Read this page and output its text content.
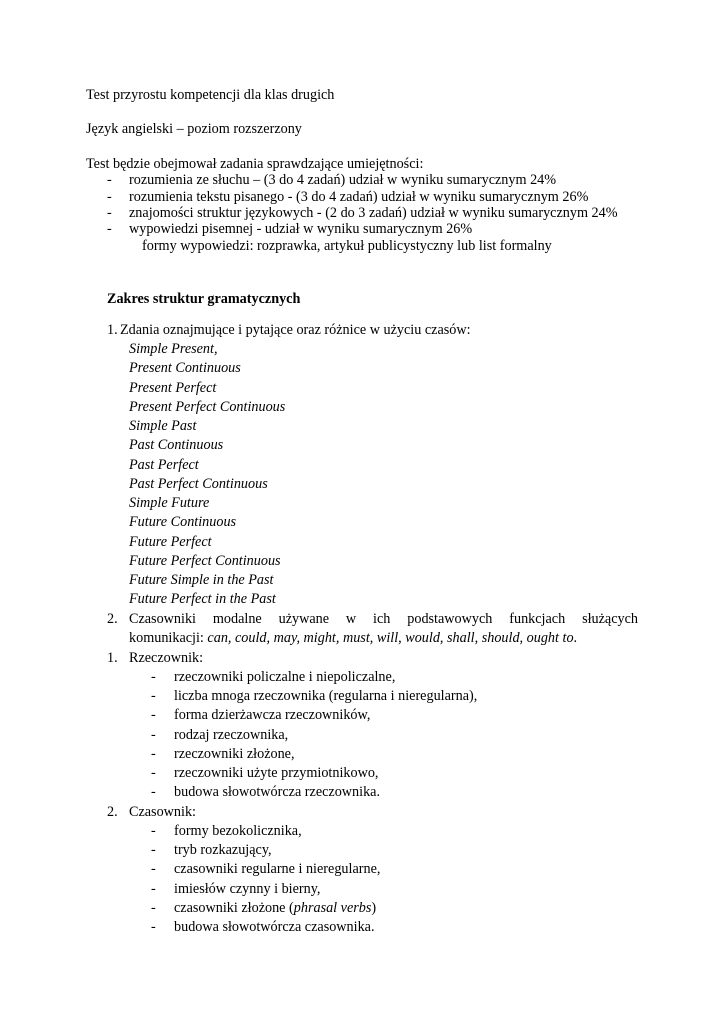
Test przyrostu kompetencji dla klas drugich
Język angielski – poziom rozszerzony
Test będzie obejmował zadania sprawdzające umiejętności:
- rozumienia ze słuchu – (3 do 4 zadań) udział w wyniku sumarycznym 24%
- rozumienia tekstu pisanego - (3 do 4 zadań) udział w wyniku sumarycznym 26%
- znajomości struktur językowych - (2 do 3 zadań) udział w wyniku sumarycznym 24%
- wypowiedzi pisemnej - udział w wyniku sumarycznym 26%
formy wypowiedzi: rozprawka, artykuł publicystyczny lub list formalny
Zakres struktur gramatycznych
1. Zdania oznajmujące i pytające oraz różnice w użyciu czasów:
Simple Present,
Present Continuous
Present Perfect
Present Perfect Continuous
Simple Past
Past Continuous
Past Perfect
Past Perfect Continuous
Simple Future
Future Continuous
Future Perfect
Future Perfect Continuous
Future Simple in the Past
Future Perfect in the Past
2. Czasowniki modalne używane w ich podstawowych funkcjach służących
komunikacji: can, could, may, might, must, will, would, shall, should, ought to.
1. Rzeczownik:
- rzeczowniki policzalne i niepoliczalne,
- liczba mnoga rzeczownika (regularna i nieregularna),
- forma dzierżawcza rzeczowników,
- rodzaj rzeczownika,
- rzeczowniki złożone,
- rzeczowniki użyte przymiotnikowo,
- budowa słowotwórcza rzeczownika.
2. Czasownik:
- formy bezokolicznika,
- tryb rozkazujący,
- czasowniki regularne i nieregularne,
- imiesłów czynny i bierny,
- czasowniki złożone (phrasal verbs)
- budowa słowotwórcza czasownika.
